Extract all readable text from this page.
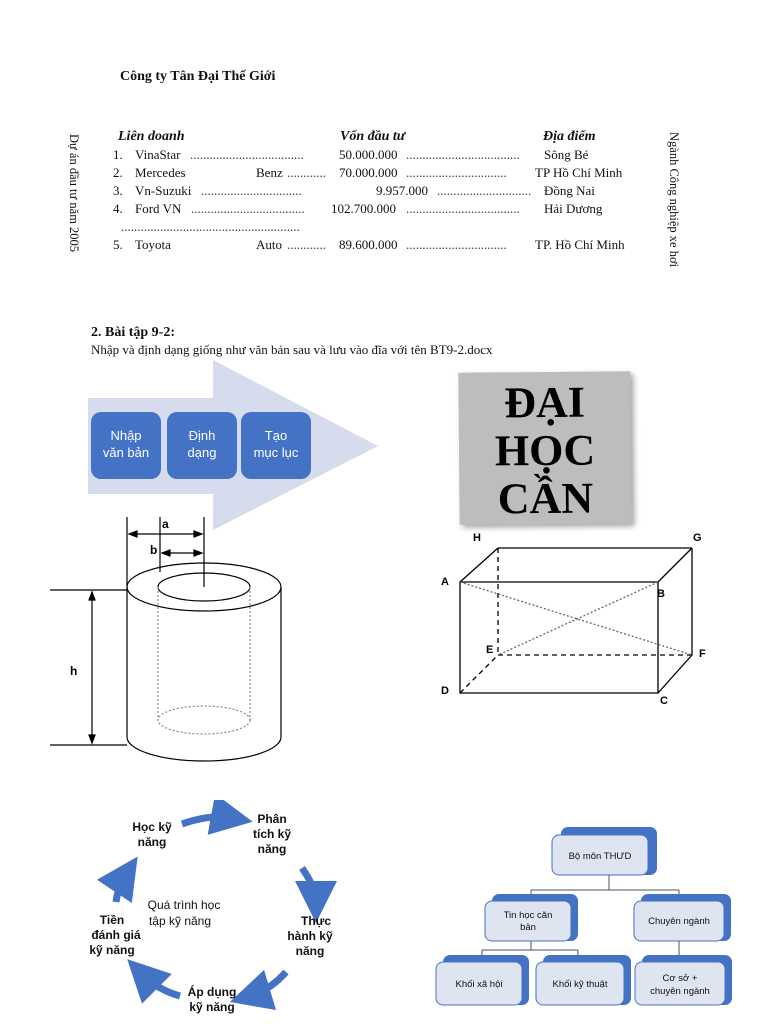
Công ty Tân Đại Thế Giới
Dự án đầu tư năm 2005	Ngành Công nghiệp xe hơi
Liên doanh	Vốn đầu tư	Địa điểm
1. VinaStar ...................................	50.000.000 ................................... Sông Bé
2. Mercedes	Benz ............ 70.000.000 ............................... TP Hồ Chí Minh
3. Vn-Suzuki ...............................	9.957.000 ............................. Đồng Nai
4. Ford VN ................................... 102.700.000 ................................... Hải Dương
.......................................................
5. Toyota	Auto ............ 89.600.000 ............................... TP. Hồ Chí Minh
2. Bài tập 9-2:
Nhập và định dạng giống như văn bản sau và lưu vào đĩa với tên BT9-2.docx
Nhập
văn bản
Định
dạng
Tạo
mục lục
ĐẠI
HỌC
CẦN
a
b
h
H	G
A
B
E	F
D
C
Học kỹ
năng
Phân
tích kỹ
năng
Thực
hành kỹ
năng
Áp dụng
kỹ năng
Tiền
đánh giá
kỹ năng
Quá trình học
tập kỹ năng
Bộ môn THƯD
Tin học căn
bản
Chuyên ngành
Khối xã hội	Khối kỹ thuật
Cơ sở +
chuyên ngành
